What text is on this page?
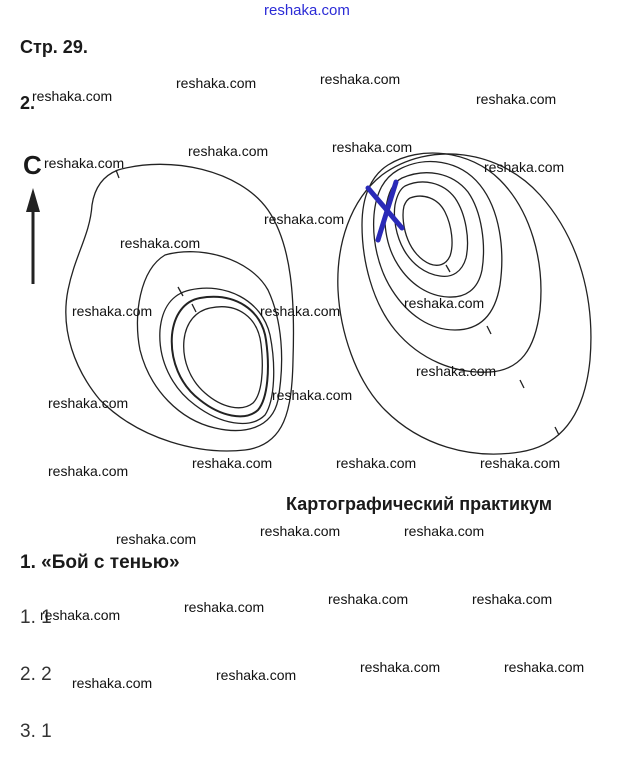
reshaka.com
Стр. 29.
2.
С
Картографический практикум
1. «Бой с тенью»
1. 1
2. 2
3. 1
reshaka.com	reshaka.com
reshaka.com	reshaka.com
reshaka.com	reshaka.com
reshaka.com	reshaka.com
reshaka.com
reshaka.com
reshaka.com
reshaka.com	reshaka.com
reshaka.com
reshaka.com
reshaka.com
reshaka.com	reshaka.com	reshaka.com
reshaka.com
reshaka.com	reshaka.com
reshaka.com
reshaka.com	reshaka.com
reshaka.com
reshaka.com
reshaka.com	reshaka.com
reshaka.com
reshaka.com
